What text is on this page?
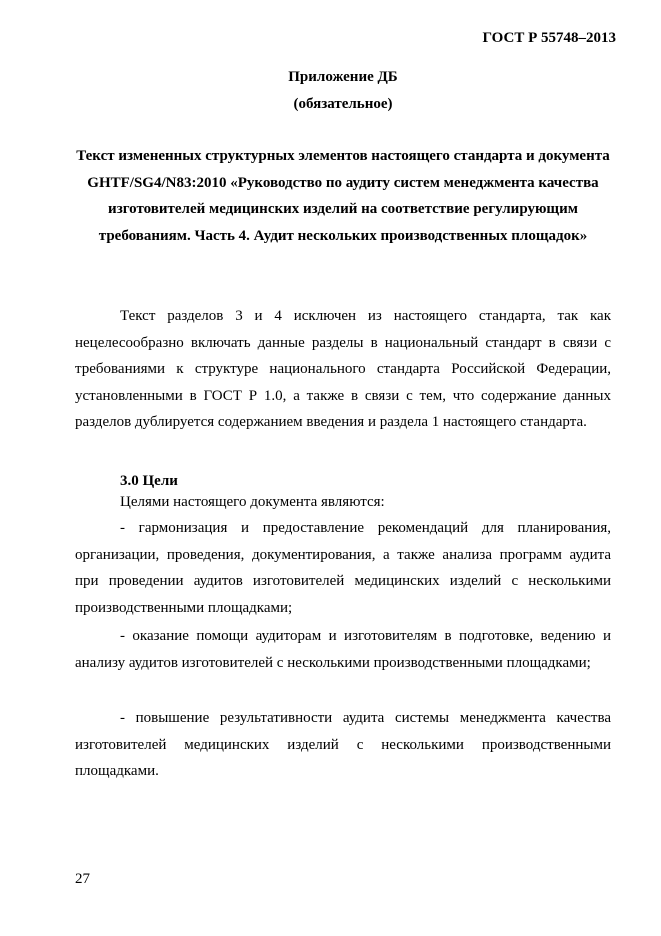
ГОСТ Р 55748–2013
Приложение ДБ
(обязательное)
Текст измененных структурных элементов настоящего стандарта и документа GHTF/SG4/N83:2010 «Руководство по аудиту систем менеджмента качества изготовителей медицинских изделий на соответствие регулирующим требованиям. Часть 4. Аудит нескольких производственных площадок»

Текст разделов 3 и 4 исключен из настоящего стандарта, так как нецелесообразно включать данные разделы в национальный стандарт в связи с требованиями к структуре национального стандарта Российской Федерации, установленными в ГОСТ Р 1.0, а также в связи с тем, что содержание данных разделов дублируется содержанием введения и раздела 1 настоящего стандарта.

3.0 Цели

Целями настоящего документа являются:

- гармонизация и предоставление рекомендаций для планирования, организации, проведения, документирования, а также анализа программ аудита при проведении аудитов изготовителей медицинских изделий с несколькими производственными площадками;

- оказание помощи аудиторам и изготовителям в подготовке, ведению и анализу аудитов изготовителей с несколькими производственными площадками;

- повышение результативности аудита системы менеджмента качества изготовителей медицинских изделий с несколькими производственными площадками.

27
